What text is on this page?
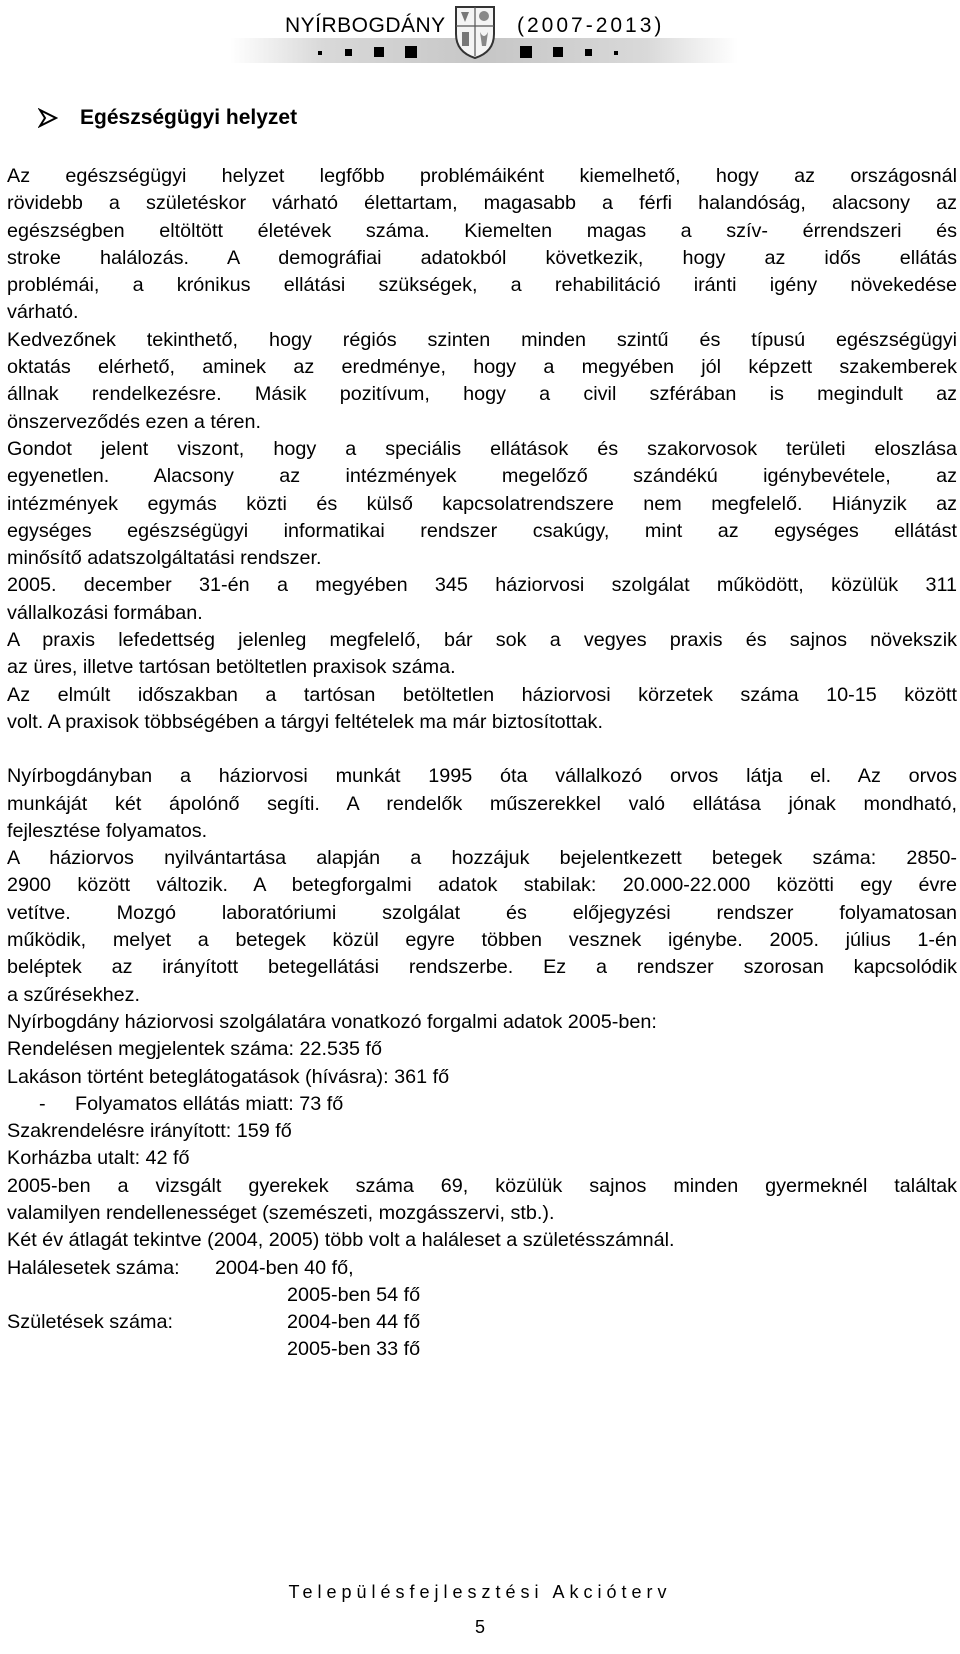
NYÍRBOGDÁNY	(2007-2013)
Egészségügyi helyzet
Az egészségügyi helyzet legfőbb problémáiként kiemelhető, hogy az országosnál
rövidebb a születéskor várható élettartam, magasabb a férfi halandóság, alacsony az
egészségben eltöltött életévek száma. Kiemelten magas a szív- érrendszeri és
stroke halálozás. A demográfiai adatokból következik, hogy az idős ellátás
problémái, a krónikus ellátási szükségek, a rehabilitáció iránti igény növekedése
várható.
Kedvezőnek tekinthető, hogy régiós szinten minden szintű és típusú egészségügyi
oktatás elérhető, aminek az eredménye, hogy a megyében jól képzett szakemberek
állnak rendelkezésre. Másik pozitívum, hogy a civil szférában is megindult az
önszerveződés ezen a téren.
Gondot jelent viszont, hogy a speciális ellátások és szakorvosok területi eloszlása
egyenetlen. Alacsony az intézmények megelőző szándékú igénybevétele, az
intézmények egymás közti és külső kapcsolatrendszere nem megfelelő. Hiányzik az
egységes egészségügyi informatikai rendszer csakúgy, mint az egységes ellátást
minősítő adatszolgáltatási rendszer.
2005. december 31-én a megyében 345 háziorvosi szolgálat működött, közülük 311
vállalkozási formában.
A praxis lefedettség jelenleg megfelelő, bár sok a vegyes praxis és sajnos növekszik
az üres, illetve tartósan betöltetlen praxisok száma.
Az elmúlt időszakban a tartósan betöltetlen háziorvosi körzetek száma 10-15 között
volt. A praxisok többségében a tárgyi feltételek ma már biztosítottak.
Nyírbogdányban a háziorvosi munkát 1995 óta vállalkozó orvos látja el. Az orvos
munkáját két ápolónő segíti. A rendelők műszerekkel való ellátása jónak mondható,
fejlesztése folyamatos.
A háziorvos nyilvántartása alapján a hozzájuk bejelentkezett betegek száma: 2850-
2900 között változik. A betegforgalmi adatok stabilak: 20.000-22.000 közötti egy évre
vetítve. Mozgó laboratóriumi szolgálat és előjegyzési rendszer folyamatosan
működik, melyet a betegek közül egyre többen vesznek igénybe. 2005. július 1-én
beléptek az irányított betegellátási rendszerbe. Ez a rendszer szorosan kapcsolódik
a szűrésekhez.
Nyírbogdány háziorvosi szolgálatára vonatkozó forgalmi adatok 2005-ben:
Rendelésen megjelentek száma: 22.535 fő
Lakáson történt beteglátogatások (hívásra): 361 fő
- Folyamatos ellátás miatt: 73 fő
Szakrendelésre irányított: 159 fő
Korházba utalt: 42 fő
2005-ben a vizsgált gyerekek száma 69, közülük sajnos minden gyermeknél találtak
valamilyen rendellenességet (szemészeti, mozgásszervi, stb.).
Két év átlagát tekintve (2004, 2005) több volt a haláleset a születésszámnál.
Halálesetek száma: 2004-ben 40 fő,
2005-ben 54 fő
Születések száma:	2004-ben 44 fő
2005-ben 33 fő
Településfejlesztési Akcióterv
5
